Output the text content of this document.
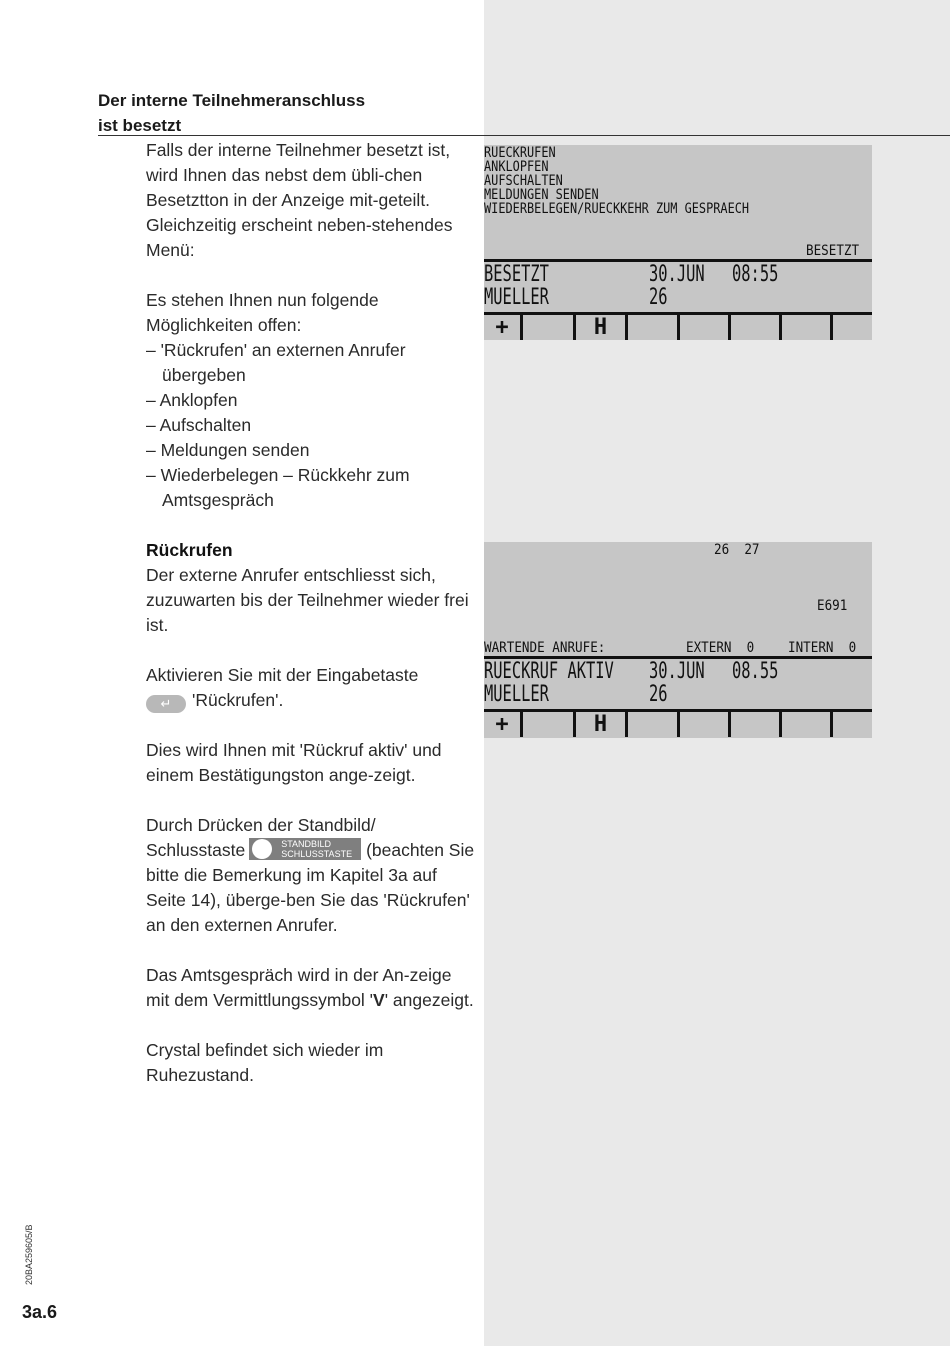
Der interne Teilnehmeranschluss
ist besetzt

Falls der interne Teilnehmer besetzt ist, wird Ihnen das nebst dem übli-chen Besetztton in der Anzeige mit-geteilt. Gleichzeitig erscheint neben-stehendes Menü:

Es stehen Ihnen nun folgende Möglichkeiten offen:

– 'Rückrufen' an externen Anrufer übergeben
– Anklopfen
– Aufschalten
– Meldungen senden
– Wiederbelegen – Rückkehr zum Amtsgespräch
Rückrufen

Der externe Anrufer entschliesst sich, zuzuwarten bis der Teilnehmer wieder frei ist.

Aktivieren Sie mit der Eingabetaste
↵ 'Rückrufen'.

Dies wird Ihnen mit 'Rückruf aktiv' und einem Bestätigungston ange-zeigt.

Durch Drücken der Standbild/ Schlusstaste	STANDBILD
SCHLUSSTASTE (beachten Sie bitte die Bemerkung im Kapitel 3a auf Seite 14), überge-ben Sie das 'Rückrufen' an den externen Anrufer.

Das Amtsgespräch wird in der An-zeige mit dem Vermittlungssymbol 'V' angezeigt.

Crystal befindet sich wieder im Ruhezustand.

RUECKRUFEN
ANKLOPFEN
AUFSCHALTEN
MELDUNGEN SENDEN
WIEDERBELEGEN/RUECKKEHR ZUM GESPRAECH
BESETZT
BESETZT	30.JUN 08:55
MUELLER	26
+	H
26  27
E691
WARTENDE ANRUFE:	EXTERN  0 INTERN  0
RUECKRUF AKTIV 30.JUN 08.55
MUELLER	26
+	H
20BA259605/B
3a.6
